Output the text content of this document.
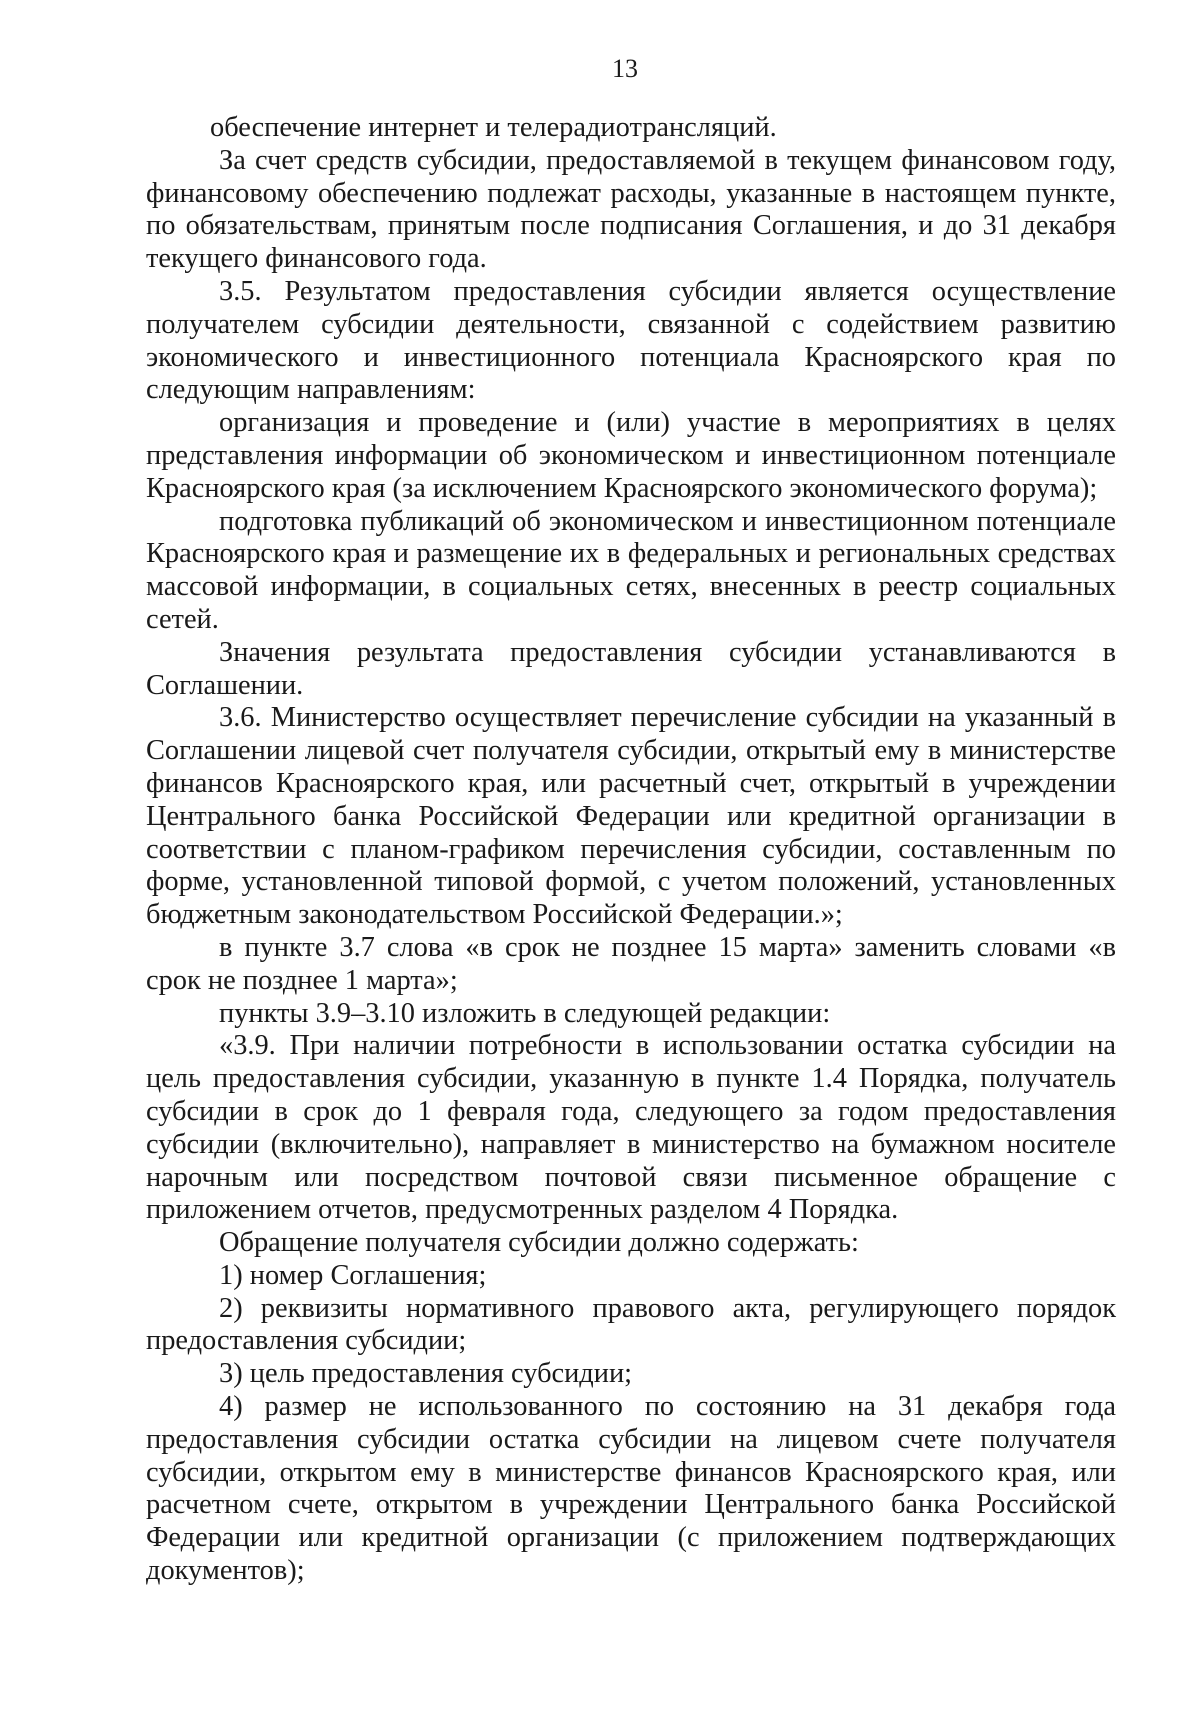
13

обеспечение интернет и телерадиотрансляций.

За счет средств субсидии, предоставляемой в текущем финансовом году, финансовому обеспечению подлежат расходы, указанные в настоящем пункте, по обязательствам, принятым после подписания Соглашения, и до 31 декабря текущего финансового года.

3.5. Результатом предоставления субсидии является осуществление получателем субсидии деятельности, связанной с содействием развитию экономического и инвестиционного потенциала Красноярского края по следующим направлениям:

организация и проведение и (или) участие в мероприятиях в целях представления информации об экономическом и инвестиционном потенциале Красноярского края (за исключением Красноярского экономического форума);

подготовка публикаций об экономическом и инвестиционном потенциале Красноярского края и размещение их в федеральных и региональных средствах массовой информации, в социальных сетях, внесенных в реестр социальных сетей.

Значения результата предоставления субсидии устанавливаются в Соглашении.

3.6. Министерство осуществляет перечисление субсидии на указанный в Соглашении лицевой счет получателя субсидии, открытый ему в министерстве финансов Красноярского края, или расчетный счет, открытый в учреждении Центрального банка Российской Федерации или кредитной организации в соответствии с планом-графиком перечисления субсидии, составленным по форме, установленной типовой формой, с учетом положений, установленных бюджетным законодательством Российской Федерации.»;

в пункте 3.7 слова «в срок не позднее 15 марта» заменить словами «в срок не позднее 1 марта»;

пункты 3.9–3.10 изложить в следующей редакции:

«3.9. При наличии потребности в использовании остатка субсидии на цель предоставления субсидии, указанную в пункте 1.4 Порядка, получатель субсидии в срок до 1 февраля года, следующего за годом предоставления субсидии (включительно), направляет в министерство на бумажном носителе нарочным или посредством почтовой связи письменное обращение с приложением отчетов, предусмотренных разделом 4 Порядка.

Обращение получателя субсидии должно содержать:

1) номер Соглашения;

2) реквизиты нормативного правового акта, регулирующего порядок предоставления субсидии;

3) цель предоставления субсидии;

4) размер не использованного по состоянию на 31 декабря года предоставления субсидии остатка субсидии на лицевом счете получателя субсидии, открытом ему в министерстве финансов Красноярского края, или расчетном счете, открытом в учреждении Центрального банка Российской Федерации или кредитной организации (с приложением подтверждающих документов);
